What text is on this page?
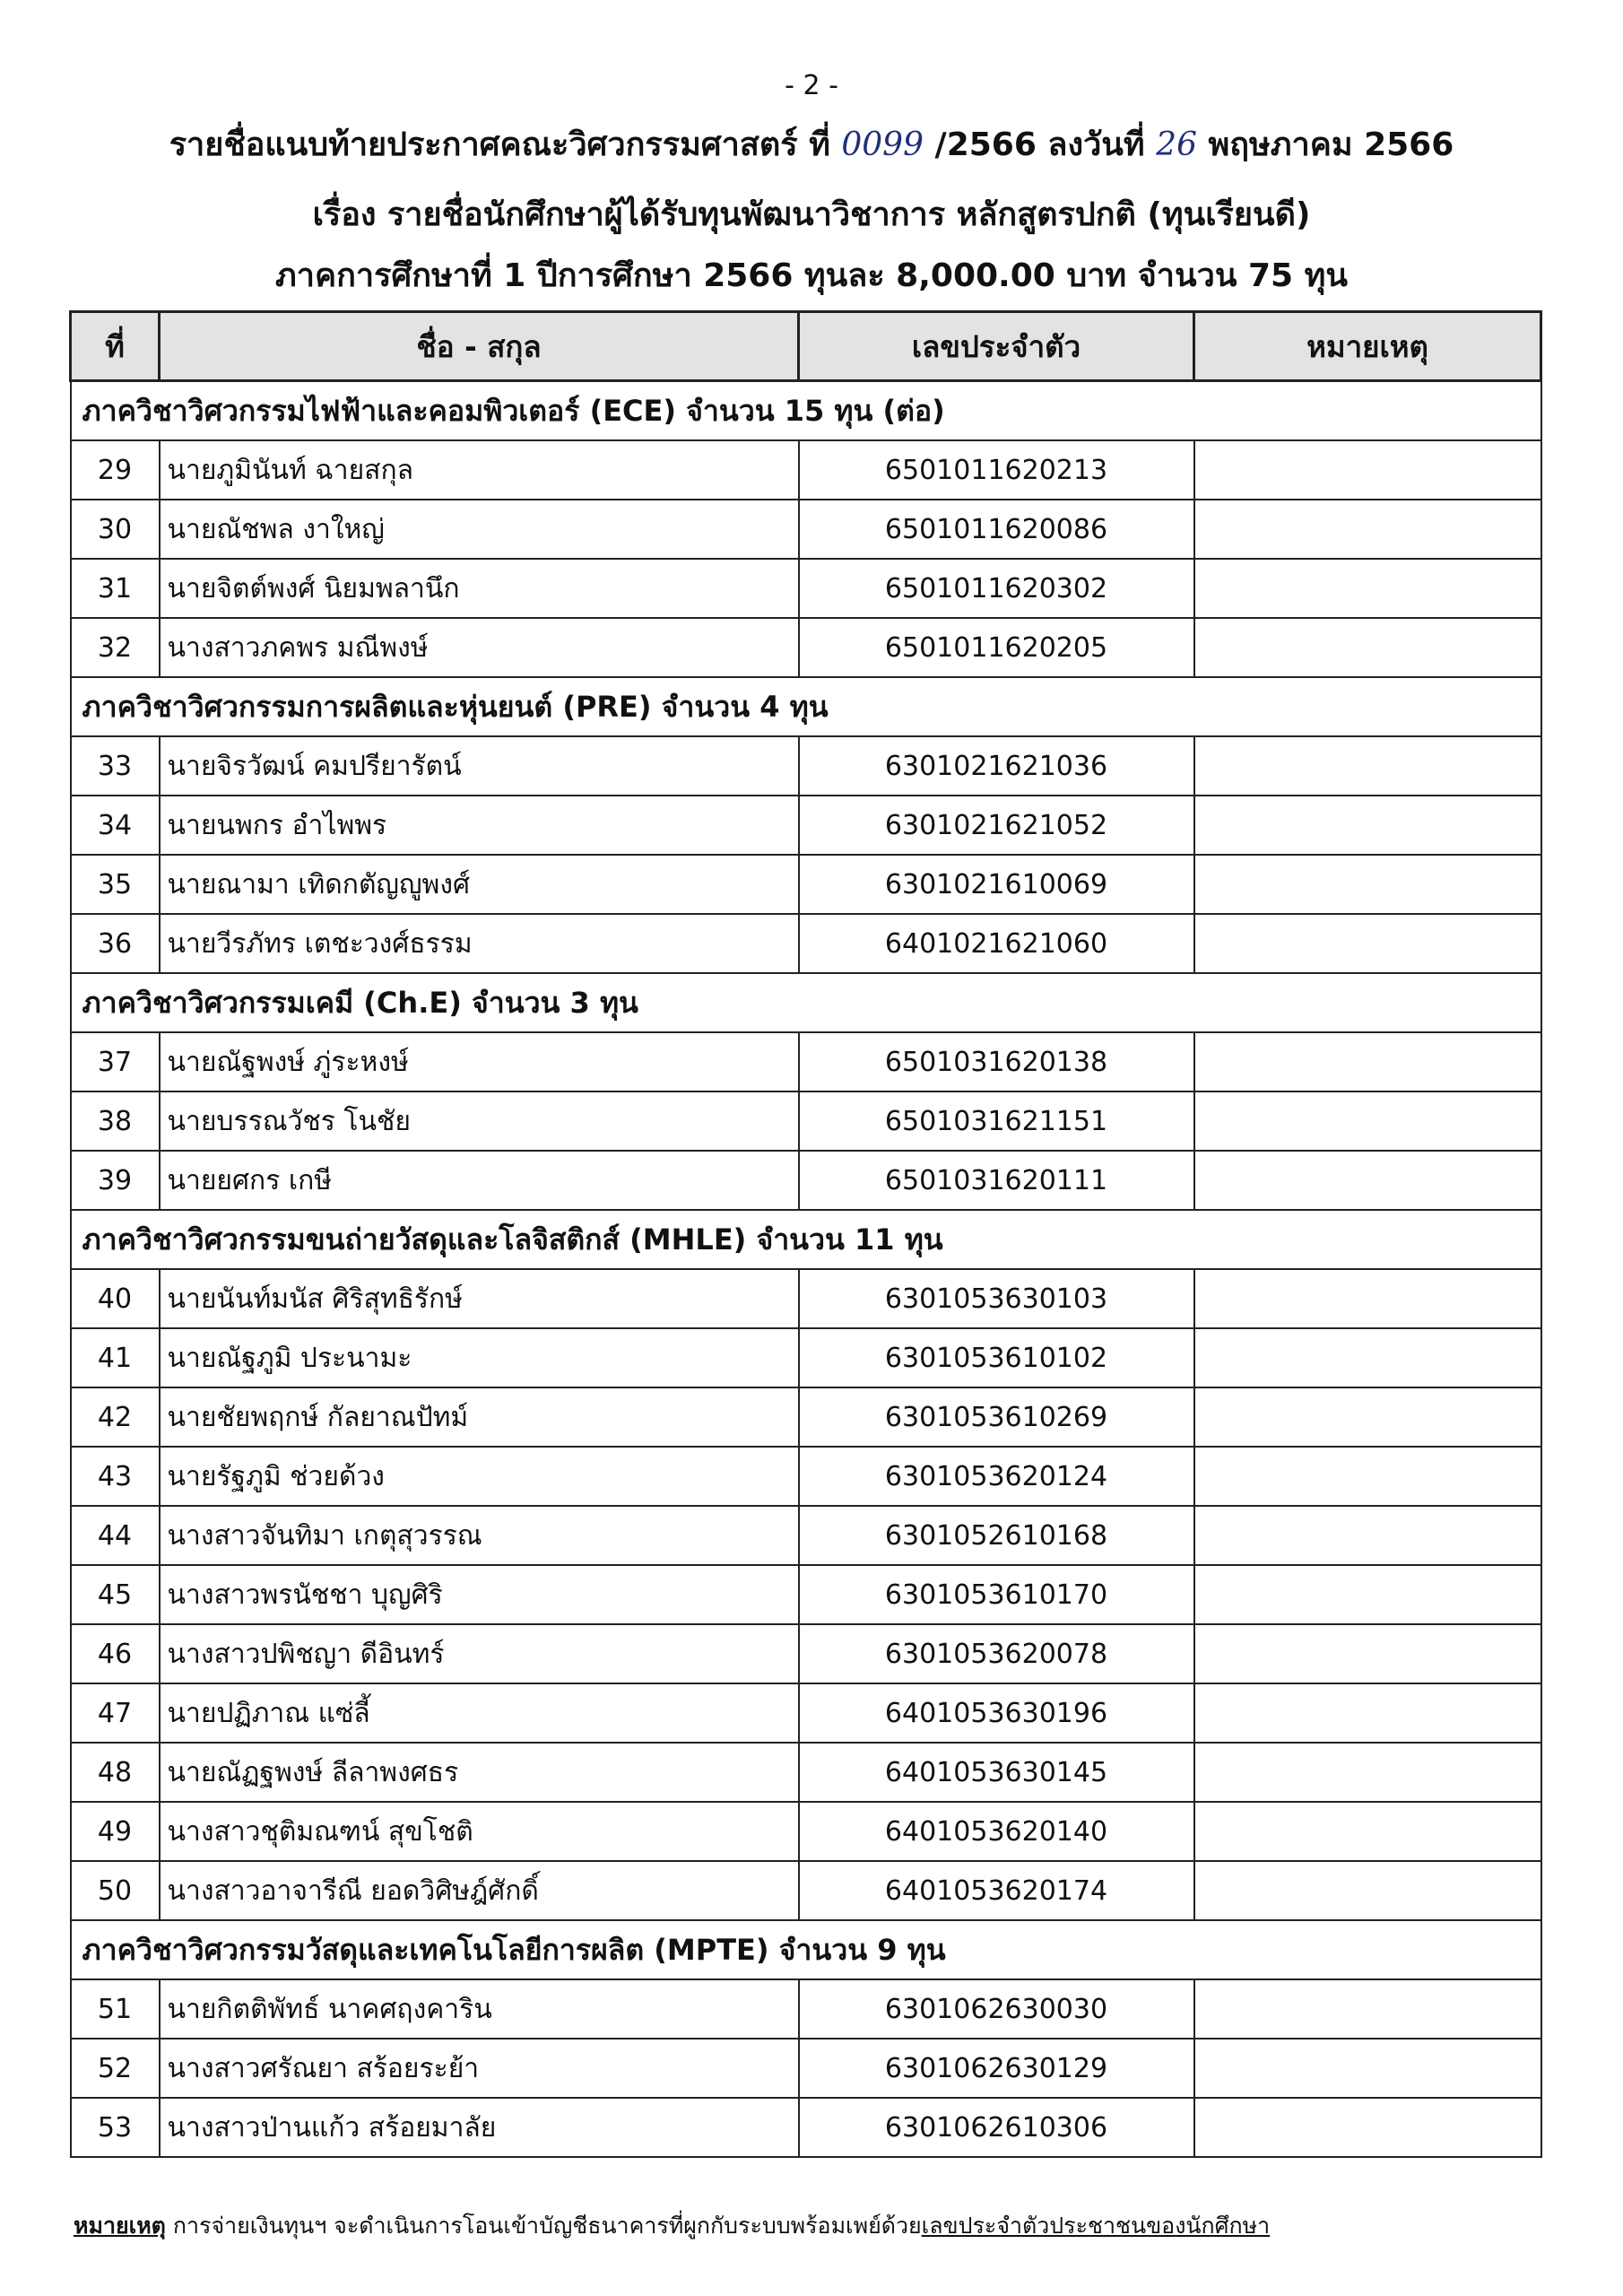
- 2 -
รายชื่อแนบท้ายประกาศคณะวิศวกรรมศาสตร์ ที่ 0099 /2566 ลงวันที่ 26 พฤษภาคม 2566
เรื่อง รายชื่อนักศึกษาผู้ได้รับทุนพัฒนาวิชาการ หลักสูตรปกติ (ทุนเรียนดี)
ภาคการศึกษาที่ 1 ปีการศึกษา 2566 ทุนละ 8,000.00 บาท จำนวน 75 ทุน
ที่	ชื่อ - สกุล	เลขประจำตัว	หมายเหตุ
ภาควิชาวิศวกรรมไฟฟ้าและคอมพิวเตอร์ (ECE) จำนวน 15 ทุน (ต่อ)			
29	นายภูมินันท์ ฉายสกุล	6501011620213	
30	นายณัชพล งาใหญ่	6501011620086	
31	นายจิตต์พงศ์ นิยมพลานึก	6501011620302	
32	นางสาวภคพร มณีพงษ์	6501011620205	
ภาควิชาวิศวกรรมการผลิตและหุ่นยนต์ (PRE) จำนวน 4 ทุน			
33	นายจิรวัฒน์ คมปรียารัตน์	6301021621036	
34	นายนพกร อำไพพร	6301021621052	
35	นายณามา เทิดกตัญญูพงศ์	6301021610069	
36	นายวีรภัทร เตชะวงศ์ธรรม	6401021621060	
ภาควิชาวิศวกรรมเคมี (Ch.E) จำนวน 3 ทุน			
37	นายณัฐพงษ์ ภู่ระหงษ์	6501031620138	
38	นายบรรณวัชร โนชัย	6501031621151	
39	นายยศกร เกษี	6501031620111	
ภาควิชาวิศวกรรมขนถ่ายวัสดุและโลจิสติกส์ (MHLE) จำนวน 11 ทุน			
40	นายนันท์มนัส ศิริสุทธิรักษ์	6301053630103	
41	นายณัฐภูมิ ประนามะ	6301053610102	
42	นายชัยพฤกษ์ กัลยาณปัทม์	6301053610269	
43	นายรัฐภูมิ ช่วยด้วง	6301053620124	
44	นางสาวจันทิมา เกตุสุวรรณ	6301052610168	
45	นางสาวพรนัชชา บุญศิริ	6301053610170	
46	นางสาวปพิชญา ดีอินทร์	6301053620078	
47	นายปฏิภาณ แซ่ลี้	6401053630196	
48	นายณัฏฐพงษ์ ลีลาพงศธร	6401053630145	
49	นางสาวชุติมณฑน์ สุขโชติ	6401053620140	
50	นางสาวอาจารีณี ยอดวิศิษฎ์ศักดิ์	6401053620174	
ภาควิชาวิศวกรรมวัสดุและเทคโนโลยีการผลิต (MPTE) จำนวน 9 ทุน			
51	นายกิตติพัทธ์ นาคศฤงคาริน	6301062630030	
52	นางสาวศรัณยา สร้อยระย้า	6301062630129	
53	นางสาวป่านแก้ว สร้อยมาลัย	6301062610306	
หมายเหตุ การจ่ายเงินทุนฯ จะดำเนินการโอนเข้าบัญชีธนาคารที่ผูกกับระบบพร้อมเพย์ด้วยเลขประจำตัวประชาชนของนักศึกษา
